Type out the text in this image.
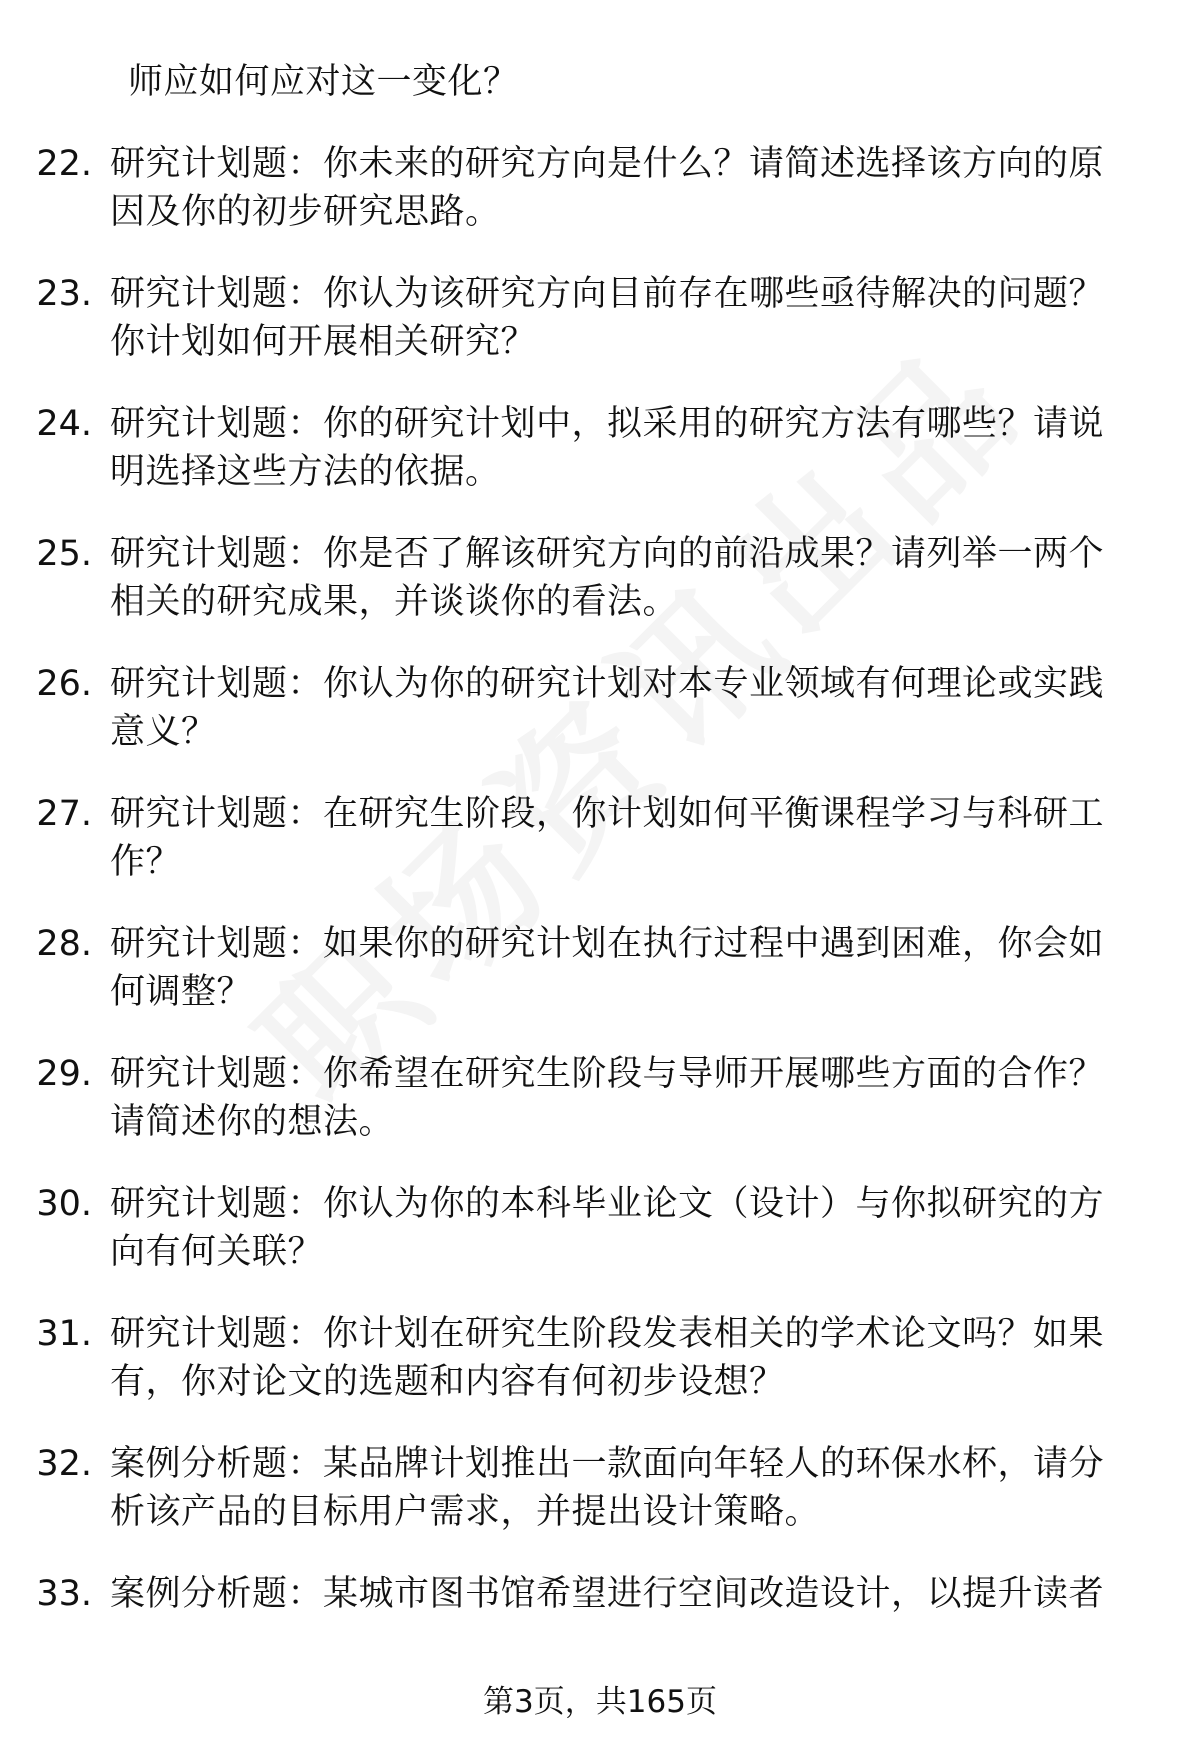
师应如何应对这一变化？
22. 研究计划题：你未来的研究方向是什么？请简述选择该方向的原因及你的初步研究思路。
23. 研究计划题：你认为该研究方向目前存在哪些亟待解决的问题？你计划如何开展相关研究？
24. 研究计划题：你的研究计划中，拟采用的研究方法有哪些？请说明选择这些方法的依据。
25. 研究计划题：你是否了解该研究方向的前沿成果？请列举一两个相关的研究成果，并谈谈你的看法。
26. 研究计划题：你认为你的研究计划对本专业领域有何理论或实践意义？
27. 研究计划题：在研究生阶段，你计划如何平衡课程学习与科研工作？
28. 研究计划题：如果你的研究计划在执行过程中遇到困难，你会如何调整？
29. 研究计划题：你希望在研究生阶段与导师开展哪些方面的合作？请简述你的想法。
30. 研究计划题：你认为你的本科毕业论文（设计）与你拟研究的方向有何关联？
31. 研究计划题：你计划在研究生阶段发表相关的学术论文吗？如果有，你对论文的选题和内容有何初步设想？
32. 案例分析题：某品牌计划推出一款面向年轻人的环保水杯，请分析该产品的目标用户需求，并提出设计策略。
33. 案例分析题：某城市图书馆希望进行空间改造设计，以提升读者
第3页，共165页
